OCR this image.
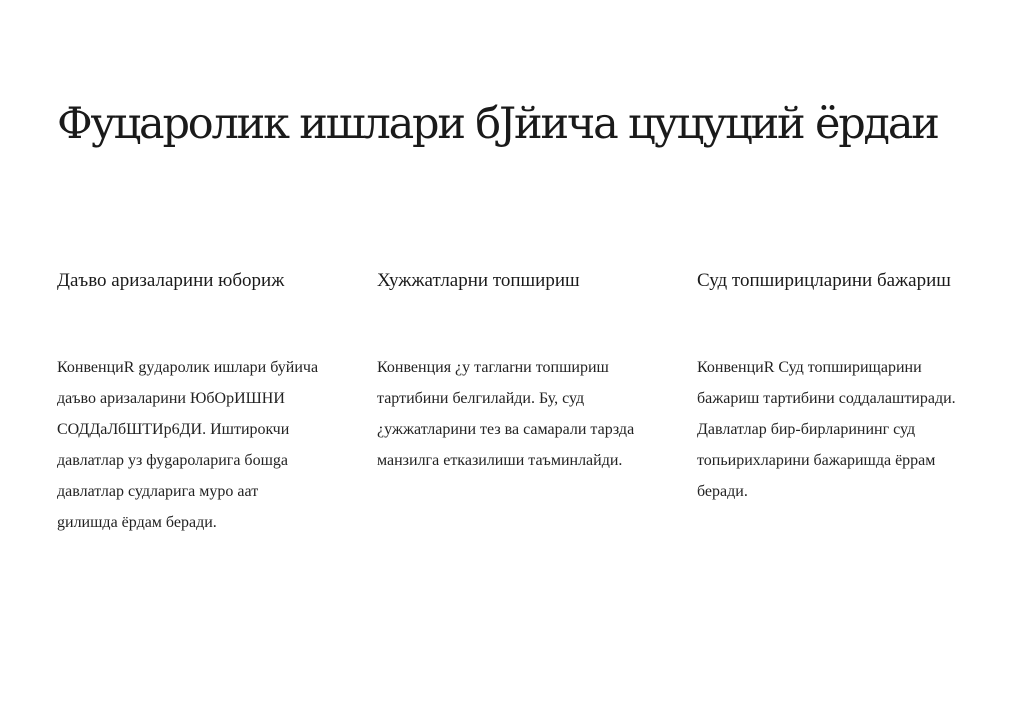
Фуцаролик ишлари бЈйича цуцуций ёрдаи
Даъво аризаларини юбориж

КонвенциR gyдаролик ишлари буйича даъво аризаларини ЮбОрИШНИ СОДДаЛбШТИр6ДИ. Иштирокчи давлатлар уз фуgароларига бошgа давлатлар судларига муро аат gилишда ёрдам беради.

Хужжатларни топшириш

Конвенция ¿у таглarни топшириш тартибини белгилайди. Бу, суд ¿ужжатларини тез ва самарали тарзда манзилга етказилиши таъминлайди.

Суд топширицларини бажариш

КонвенциR Суд топширищарини бажариш тартибини соддалаштиради. Давлатлар бир-бирларининг суд топьирихларини бажаришда ёррам беради.
